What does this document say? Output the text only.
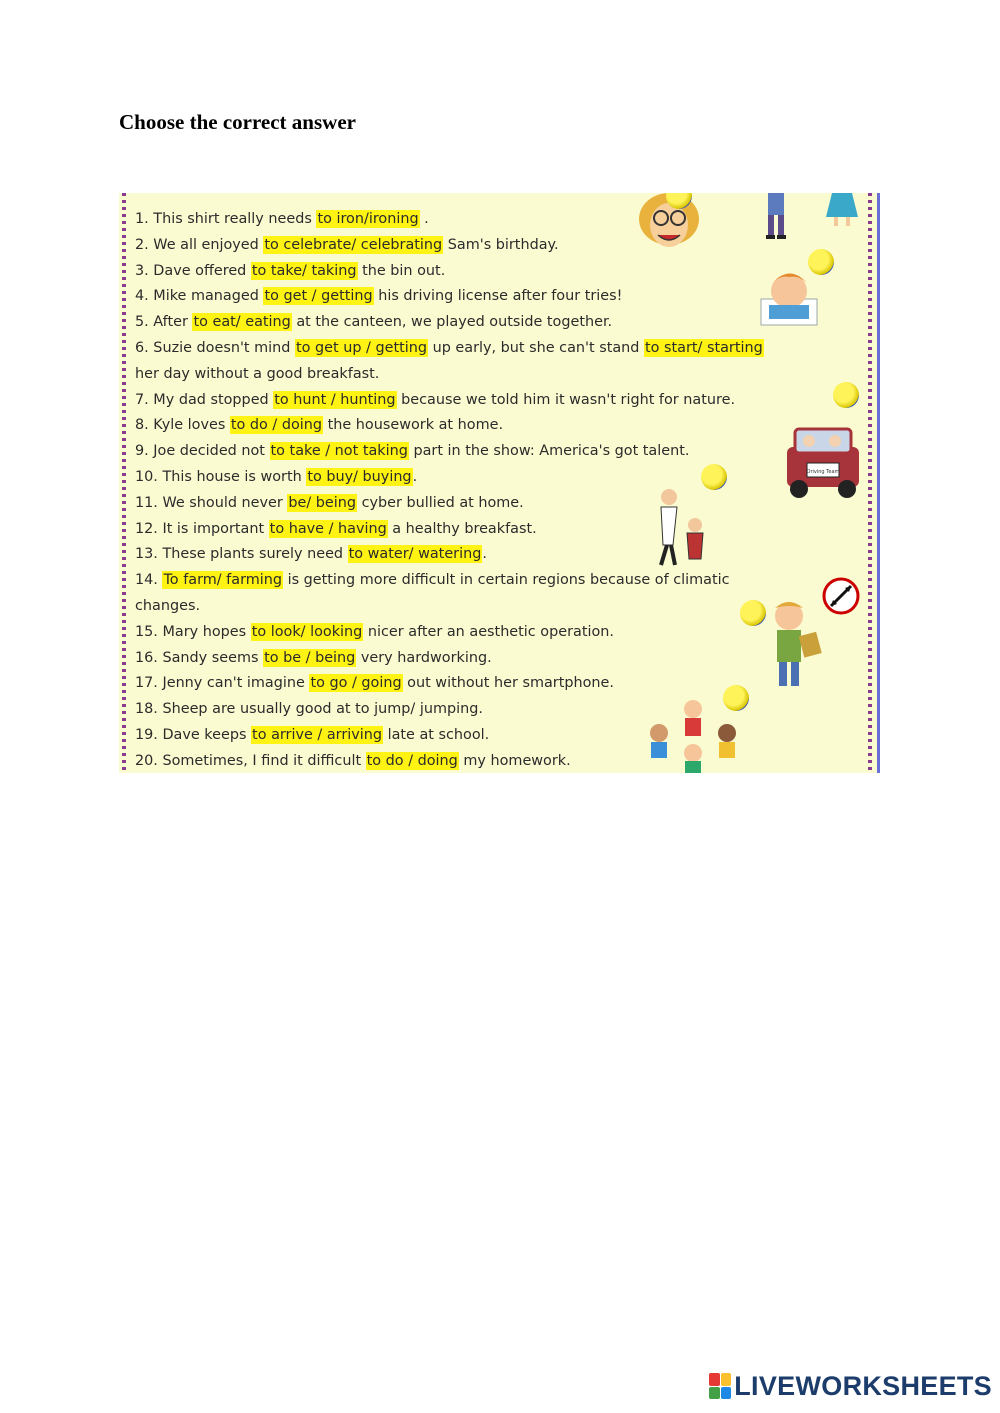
Choose the correct answer
1. This shirt really needs to iron/ironing .
2. We all enjoyed to celebrate/ celebrating Sam's birthday.
3. Dave offered to take/ taking the bin out.
4. Mike managed to get / getting his driving license after four tries!
5. After to eat/ eating at the canteen, we played outside together.
6. Suzie doesn't mind to get up / getting up early, but she can't stand to start/ starting
her day without a good breakfast.
7. My dad stopped to hunt / hunting because we told him it wasn't right for nature.
8. Kyle loves to do / doing the housework at home.
9. Joe decided not to take / not taking part in the show: America's got talent.
10. This house is worth to buy/ buying.
11. We should never be/ being cyber bullied at home.
12. It is important to have / having a healthy breakfast.
13. These plants surely need to water/ watering.
14. To farm/ farming is getting more difficult in certain regions because of climatic
changes.
15. Mary hopes to look/ looking nicer after an aesthetic operation.
16. Sandy seems to be / being very hardworking.
17. Jenny can't imagine to go / going out without her smartphone.
18. Sheep are usually good at to jump/ jumping.
19. Dave keeps to arrive / arriving late at school.
20. Sometimes, I find it difficult to do / doing my homework.
Driving Team
LIVEWORKSHEETS
